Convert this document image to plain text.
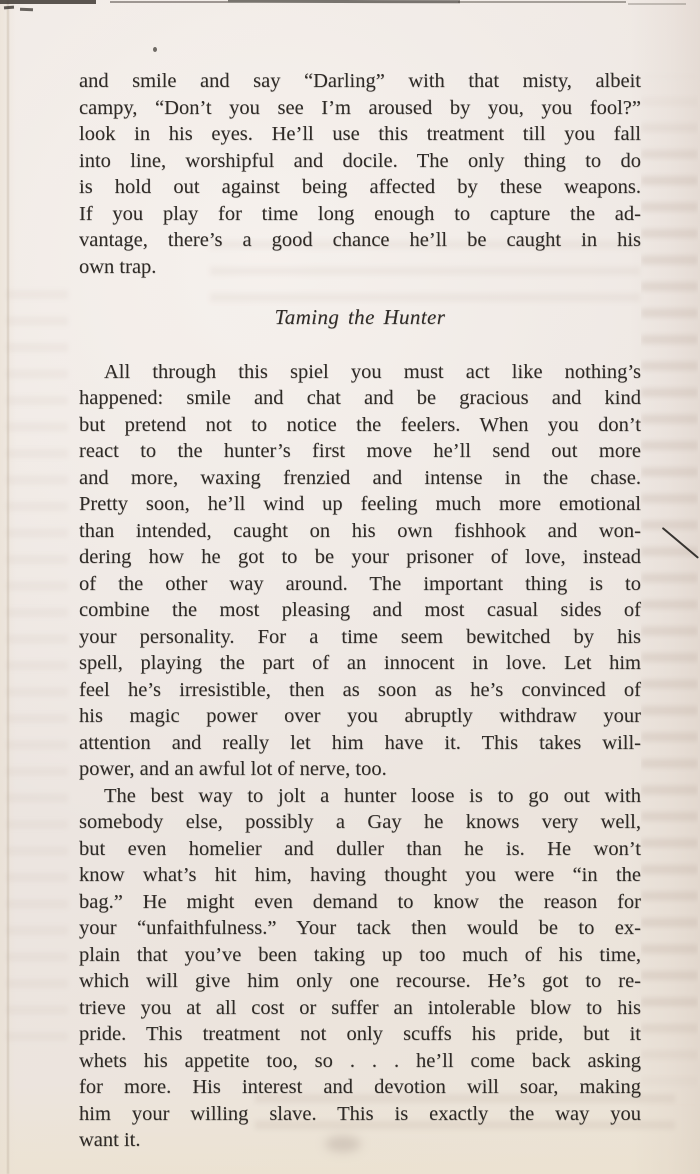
and smile and say “Darling” with that misty, albeit
campy, “Don’t you see I’m aroused by you, you fool?”
look in his eyes. He’ll use this treatment till you fall
into line, worshipful and docile. The only thing to do
is hold out against being affected by these weapons.
If you play for time long enough to capture the ad-
vantage, there’s a good chance he’ll be caught in his
own trap.
Taming the Hunter
All through this spiel you must act like nothing’s
happened: smile and chat and be gracious and kind
but pretend not to notice the feelers. When you don’t
react to the hunter’s first move he’ll send out more
and more, waxing frenzied and intense in the chase.
Pretty soon, he’ll wind up feeling much more emotional
than intended, caught on his own fishhook and won-
dering how he got to be your prisoner of love, instead
of the other way around. The important thing is to
combine the most pleasing and most casual sides of
your personality. For a time seem bewitched by his
spell, playing the part of an innocent in love. Let him
feel he’s irresistible, then as soon as he’s convinced of
his magic power over you abruptly withdraw your
attention and really let him have it. This takes will-
power, and an awful lot of nerve, too.
The best way to jolt a hunter loose is to go out with
somebody else, possibly a Gay he knows very well,
but even homelier and duller than he is. He won’t
know what’s hit him, having thought you were “in the
bag.” He might even demand to know the reason for
your “unfaithfulness.” Your tack then would be to ex-
plain that you’ve been taking up too much of his time,
which will give him only one recourse. He’s got to re-
trieve you at all cost or suffer an intolerable blow to his
pride. This treatment not only scuffs his pride, but it
whets his appetite too, so . . . he’ll come back asking
for more. His interest and devotion will soar, making
him your willing slave. This is exactly the way you
want it.
